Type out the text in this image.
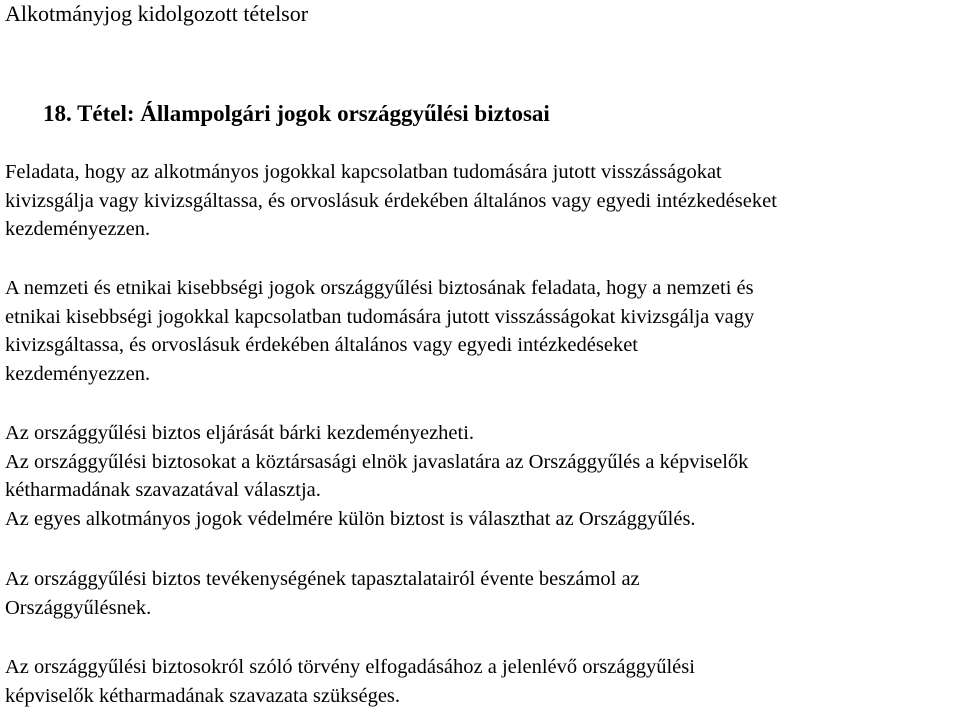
Alkotmányjog kidolgozott tételsor
18. Tétel: Állampolgári jogok országgyűlési biztosai
Feladata, hogy az alkotmányos jogokkal kapcsolatban tudomására jutott visszásságokat
kivizsgálja vagy kivizsgáltassa, és orvoslásuk érdekében általános vagy egyedi intézkedéseket
kezdeményezzen.
A nemzeti és etnikai kisebbségi jogok országgyűlési biztosának feladata, hogy a nemzeti és
etnikai kisebbségi jogokkal kapcsolatban tudomására jutott visszásságokat kivizsgálja vagy
kivizsgáltassa, és orvoslásuk érdekében általános vagy egyedi intézkedéseket
kezdeményezzen.
Az országgyűlési biztos eljárását bárki kezdeményezheti.
Az országgyűlési biztosokat a köztársasági elnök javaslatára az Országgyűlés a képviselők
kétharmadának szavazatával választja.
Az egyes alkotmányos jogok védelmére külön biztost is választhat az Országgyűlés.
Az országgyűlési biztos tevékenységének tapasztalatairól évente beszámol az
Országgyűlésnek.
Az országgyűlési biztosokról szóló törvény elfogadásához a jelenlévő országgyűlési
képviselők kétharmadának szavazata szükséges.
